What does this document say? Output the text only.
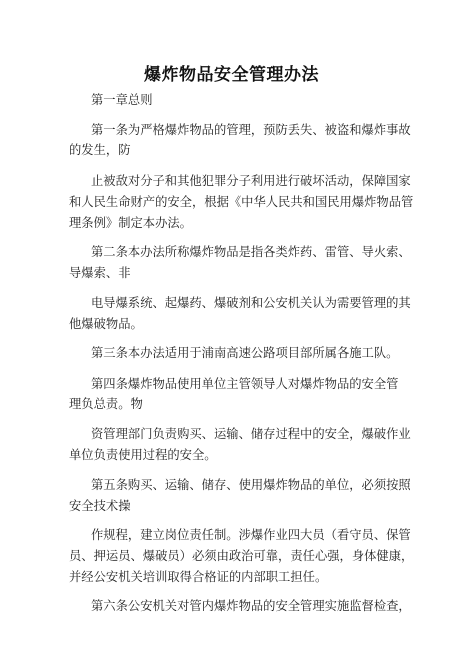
爆炸物品安全管理办法
第一章总则
第一条为严格爆炸物品的管理，预防丢失、被盗和爆炸事故
的发生，防
止被敌对分子和其他犯罪分子利用进行破坏活动，保障国家
和人民生命财产的安全，根据《中华人民共和国民用爆炸物品管
理条例》制定本办法。
第二条本办法所称爆炸物品是指各类炸药、雷管、导火索、
导爆索、非
电导爆系统、起爆药、爆破剂和公安机关认为需要管理的其
他爆破物品。
第三条本办法适用于浦南高速公路项目部所属各施工队。
第四条爆炸物品使用单位主管领导人对爆炸物品的安全管
理负总责。物
资管理部门负责购买、运输、储存过程中的安全，爆破作业
单位负责使用过程的安全。
第五条购买、运输、储存、使用爆炸物品的单位，必须按照
安全技术操
作规程，建立岗位责任制。涉爆作业四大员（看守员、保管
员、押运员、爆破员）必须由政治可靠，责任心强，身体健康，
并经公安机关培训取得合格证的内部职工担任。
第六条公安机关对管内爆炸物品的安全管理实施监督检查，
